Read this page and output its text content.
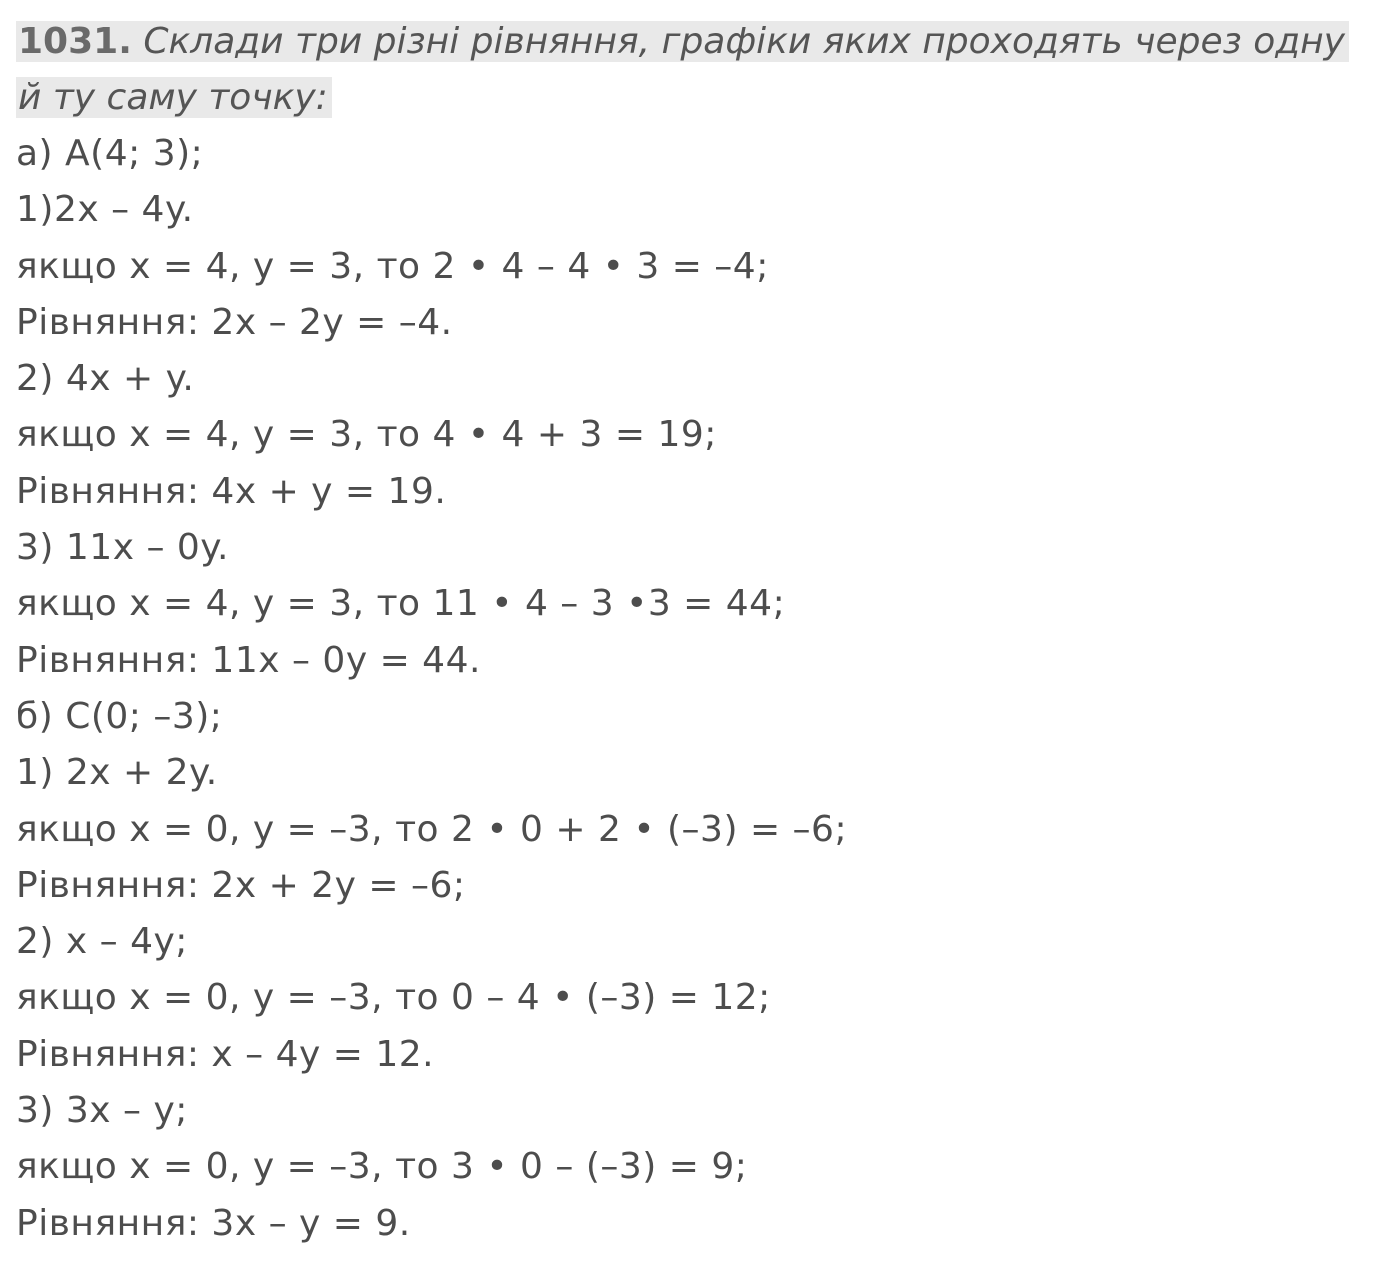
1031. Склади три різні рівняння, графіки яких проходять через одну й ту саму точку:

а) А(4; 3);
1)2x – 4y.
якщо x = 4, y = 3, то 2 • 4 – 4 • 3 = –4;
Рівняння: 2x – 2y = –4.
2) 4x + y.
якщо x = 4, y = 3, то 4 • 4 + 3 = 19;
Рівняння: 4x + y = 19.
3) 11x – 0y.
якщо x = 4, y = 3, то 11 • 4 – 3 •3 = 44;
Рівняння: 11x – 0y = 44.
б) С(0; –3);
1) 2x + 2y.
якщо x = 0, y = –3, то 2 • 0 + 2 • (–3) = –6;
Рівняння: 2x + 2y = –6;
2) x – 4y;
якщо x = 0, y = –3, то 0 – 4 • (–3) = 12;
Рівняння: x – 4y = 12.
3) 3x – y;
якщо x = 0, y = –3, то 3 • 0 – (–3) = 9;
Рівняння: 3x – y = 9.
